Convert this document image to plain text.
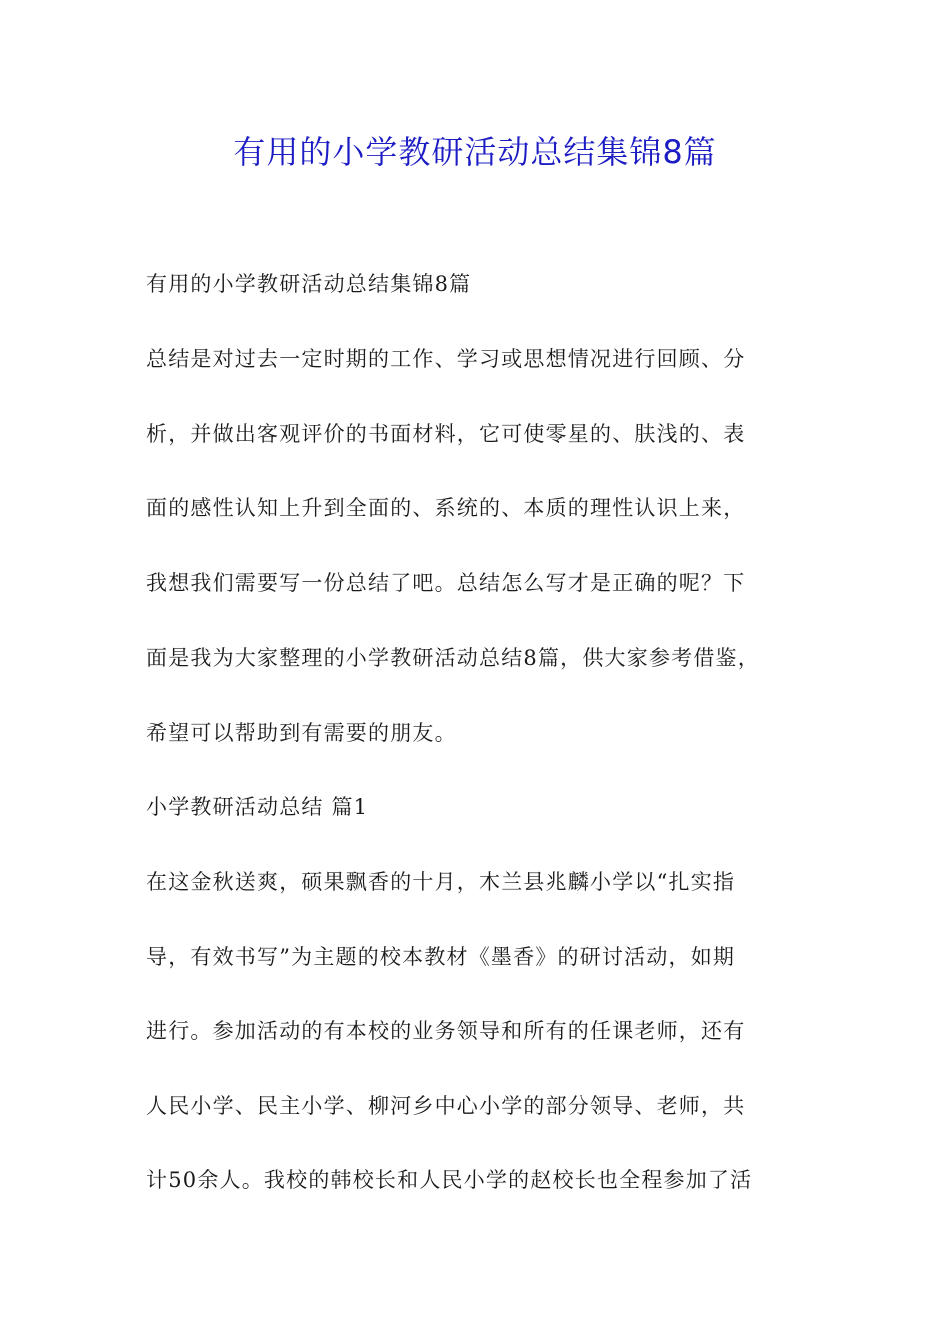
有用的小学教研活动总结集锦8篇
有用的小学教研活动总结集锦8篇
总结是对过去一定时期的工作、学习或思想情况进行回顾、分
析，并做出客观评价的书面材料，它可使零星的、肤浅的、表
面的感性认知上升到全面的、系统的、本质的理性认识上来，
我想我们需要写一份总结了吧。总结怎么写才是正确的呢？下
面是我为大家整理的小学教研活动总结8篇，供大家参考借鉴，
希望可以帮助到有需要的朋友。
小学教研活动总结 篇1
在这金秋送爽，硕果飘香的十月，木兰县兆麟小学以“扎实指
导，有效书写”为主题的校本教材《墨香》的研讨活动，如期
进行。参加活动的有本校的业务领导和所有的任课老师，还有
人民小学、民主小学、柳河乡中心小学的部分领导、老师，共
计50余人。我校的韩校长和人民小学的赵校长也全程参加了活
